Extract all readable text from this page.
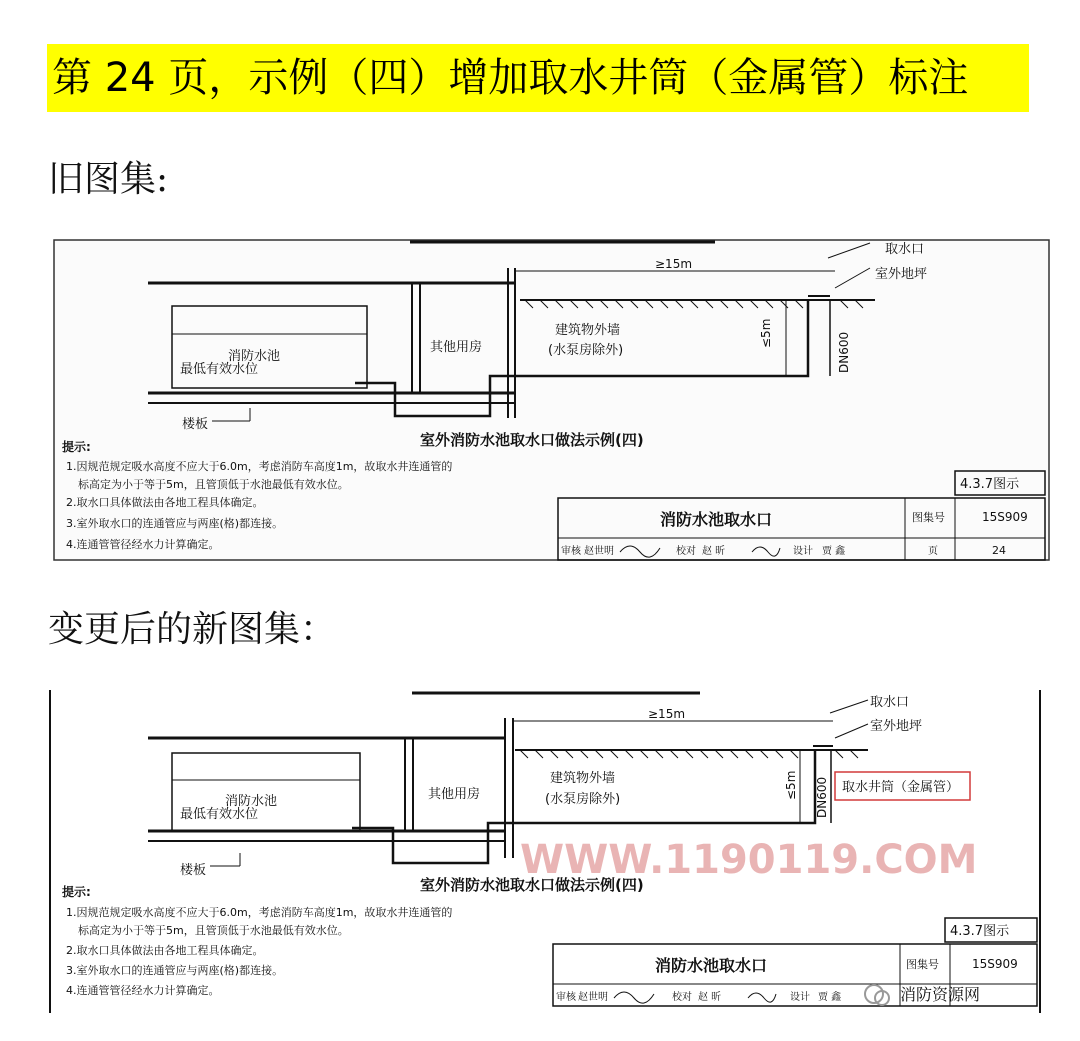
第 24 页，示例（四）增加取水井筒（金属管）标注
旧图集:
取水口
室外地坪
≥15m
≤5m	DN600
建筑物外墙
(水泵房除外)
其他用房
消防水池
最低有效水位
楼板
室外消防水池取水口做法示例(四)
提示:
1.因规范规定吸水高度不应大于6.0m，考虑消防车高度1m，故取水井连通管的
标高定为小于等于5m，且管顶低于水池最低有效水位。
2.取水口具体做法由各地工程具体确定。
3.室外取水口的连通管应与两座(格)都连接。
4.连通管管径经水力计算确定。
4.3.7图示
消防水池取水口	图集号	15S909
审核 赵世明	校对 赵 昕	设计 贾 鑫	页	24
变更后的新图集：
取水口
室外地坪
≥15m
≤5m DN600 取水井筒（金属管）
建筑物外墙
(水泵房除外)
其他用房
消防水池
最低有效水位
楼板	WWW.1190119.COM
室外消防水池取水口做法示例(四)
提示:
1.因规范规定吸水高度不应大于6.0m，考虑消防车高度1m，故取水井连通管的
标高定为小于等于5m，且管顶低于水池最低有效水位。
2.取水口具体做法由各地工程具体确定。
3.室外取水口的连通管应与两座(格)都连接。
4.连通管管径经水力计算确定。
4.3.7图示
消防水池取水口	图集号	15S909
审核 赵世明	校对 赵 昕	设计 贾 鑫	消防资源网
